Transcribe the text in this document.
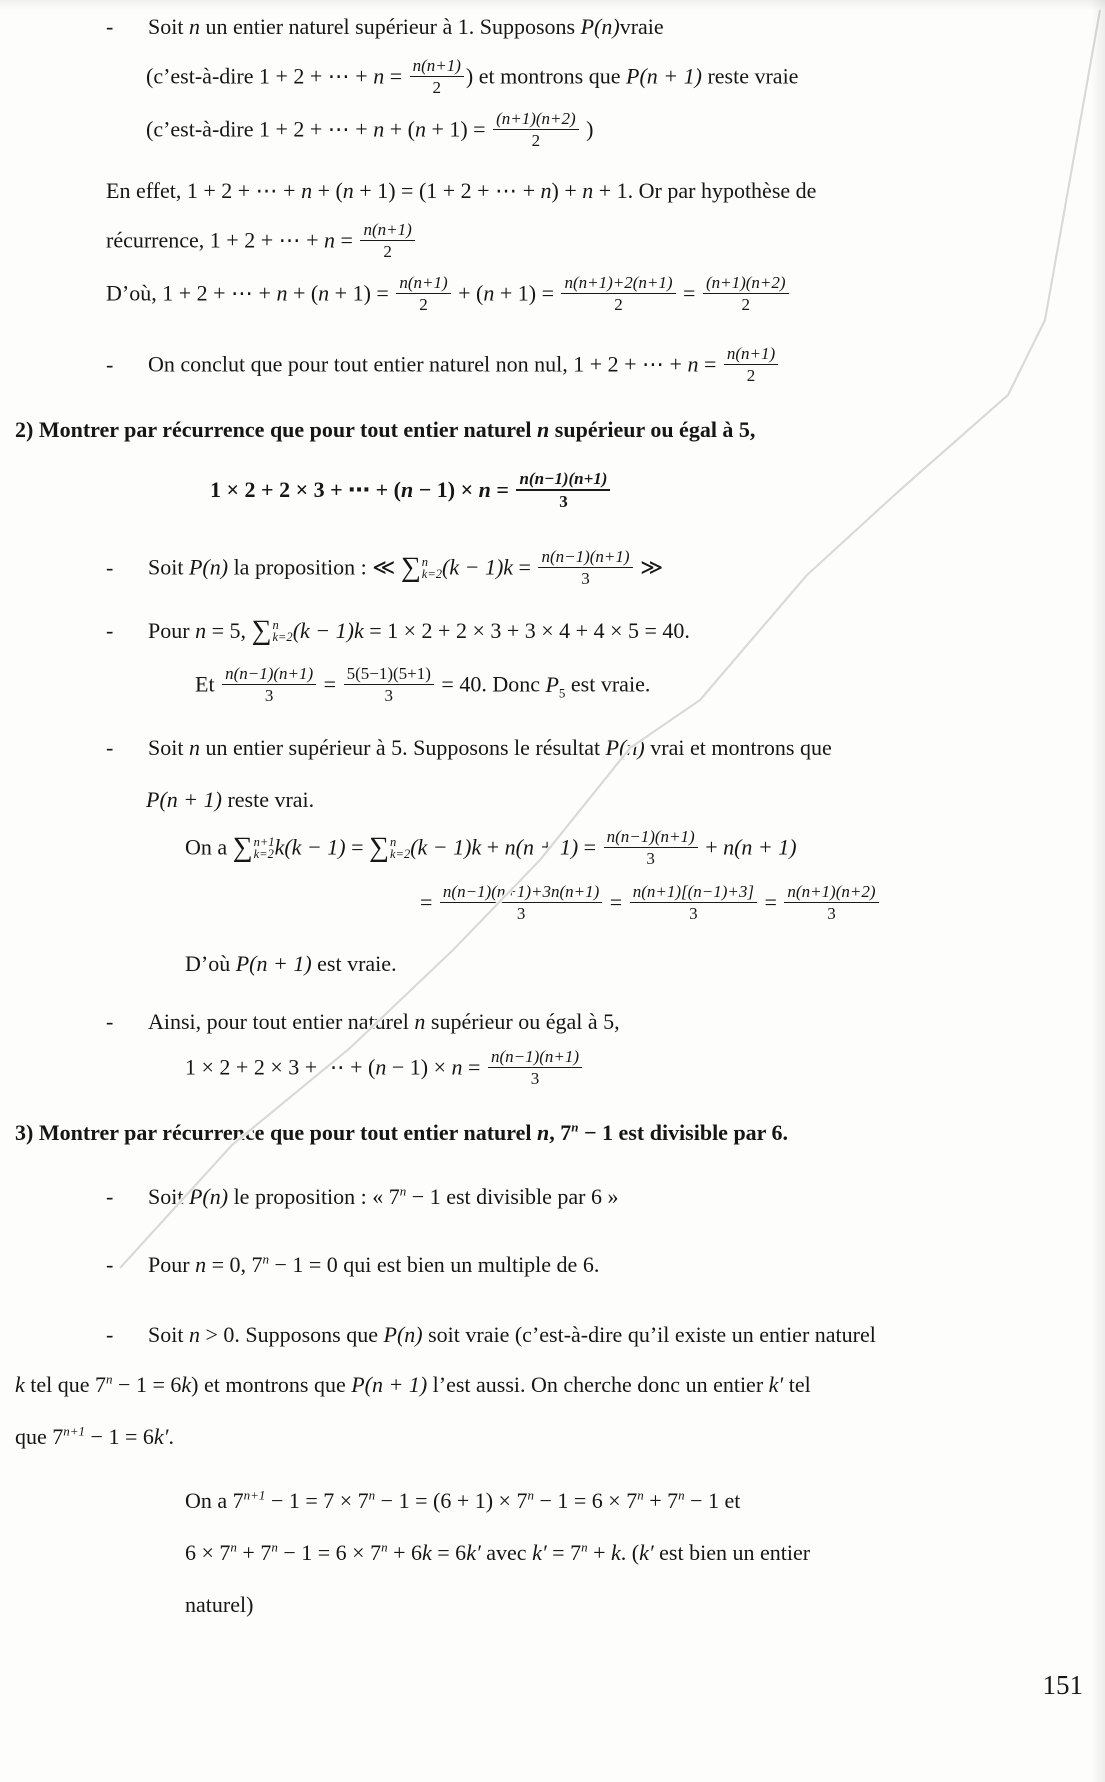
- Soit n un entier naturel supérieur à 1. Supposons P(n)vraie
(c’est-à-dire 1 + 2 + ⋯ + $n = \frac{n(n+1)}{2}$ ) et montrons que P(n + 1) reste vraie
(c’est-à-dire 1 + 2 + ⋯ + $n + (n + 1) = \frac{(n+1)(n+2)}{2}$ )
En effet, 1 + 2 + ⋯ + n + (n + 1) = (1 + 2 + ⋯ + n) + n + 1. Or par hypothèse de
récurrence, 1 + 2 + ⋯ + $n = \frac{n(n+1)}{2}$
D’où, 1 + 2 + ⋯ + $n + (n + 1) = \frac{n(n+1)}{2} + (n + 1) = \frac{n(n+1)+2(n+1)}{2} = \frac{(n+1)(n+2)}{2}$
- On conclut que pour tout entier naturel non nul, 1 + 2 + ⋯ + $n = \frac{n(n+1)}{2}$
2) Montrer par récurrence que pour tout entier naturel n supérieur ou égal à 5,
1 × 2 + 2 × 3 + ⋯ + $(n - 1) \times n = \frac{n(n-1)(n+1)}{3}$
- Soit P(n) la proposition : ≪ ∑ n
k=2 $(k - 1)k = \frac{n(n-1)(n+1)}{3}$ ≫
- Pour n = 5, ∑ n
k=2 (k − 1)k = 1 × 2 + 2 × 3 + 3 × 4 + 4 × 5 = 40.
Et $\frac{n(n-1)(n+1)}{3} = \frac{5(5-1)(5+1)}{3} = 40$. Donc $P_5$ est vraie.
- Soit n un entier supérieur à 5. Supposons le résultat P(n) vrai et montrons que
P(n + 1) reste vrai.
On a ∑ n+1
k=2 k(k − 1) = ∑ n
k=2 $(k - 1)k + n(n + 1) = \frac{n(n-1)(n+1)}{3} + n(n + 1)$
= $\frac{n(n-1)(n+1)+3n(n+1)}{3} = \frac{n(n+1)[(n-1)+3]}{3} = \frac{n(n+1)(n+2)}{3}$
D’où P(n + 1) est vraie.
- Ainsi, pour tout entier naturel n supérieur ou égal à 5,
1 × 2 + 2 × 3 + ⋯ + $(n - 1) \times n = \frac{n(n-1)(n+1)}{3}$
3) Montrer par récurrence que pour tout entier naturel n, $7^n - 1$ est divisible par 6.
- Soit P(n) le proposition : « $7^n - 1$ est divisible par 6 »
- Pour n = 0, $7^n - 1 = 0$ qui est bien un multiple de 6.
- Soit n > 0. Supposons que P(n) soit vraie (c’est-à-dire qu’il existe un entier naturel
k tel que $7^n - 1 = 6k$) et montrons que P(n + 1) l’est aussi. On cherche donc un entier k′ tel
que $7^{n+1} - 1 = 6k'$.
On a $7^{n+1} - 1 = 7 \times 7^n - 1 = (6 + 1) \times 7^n - 1 = 6 \times 7^n + 7^n - 1$ et
$6 \times 7^n + 7^n - 1 = 6 \times 7^n + 6k = 6k'$ avec $k' = 7^n + k$. (k′ est bien un entier
naturel)
151
